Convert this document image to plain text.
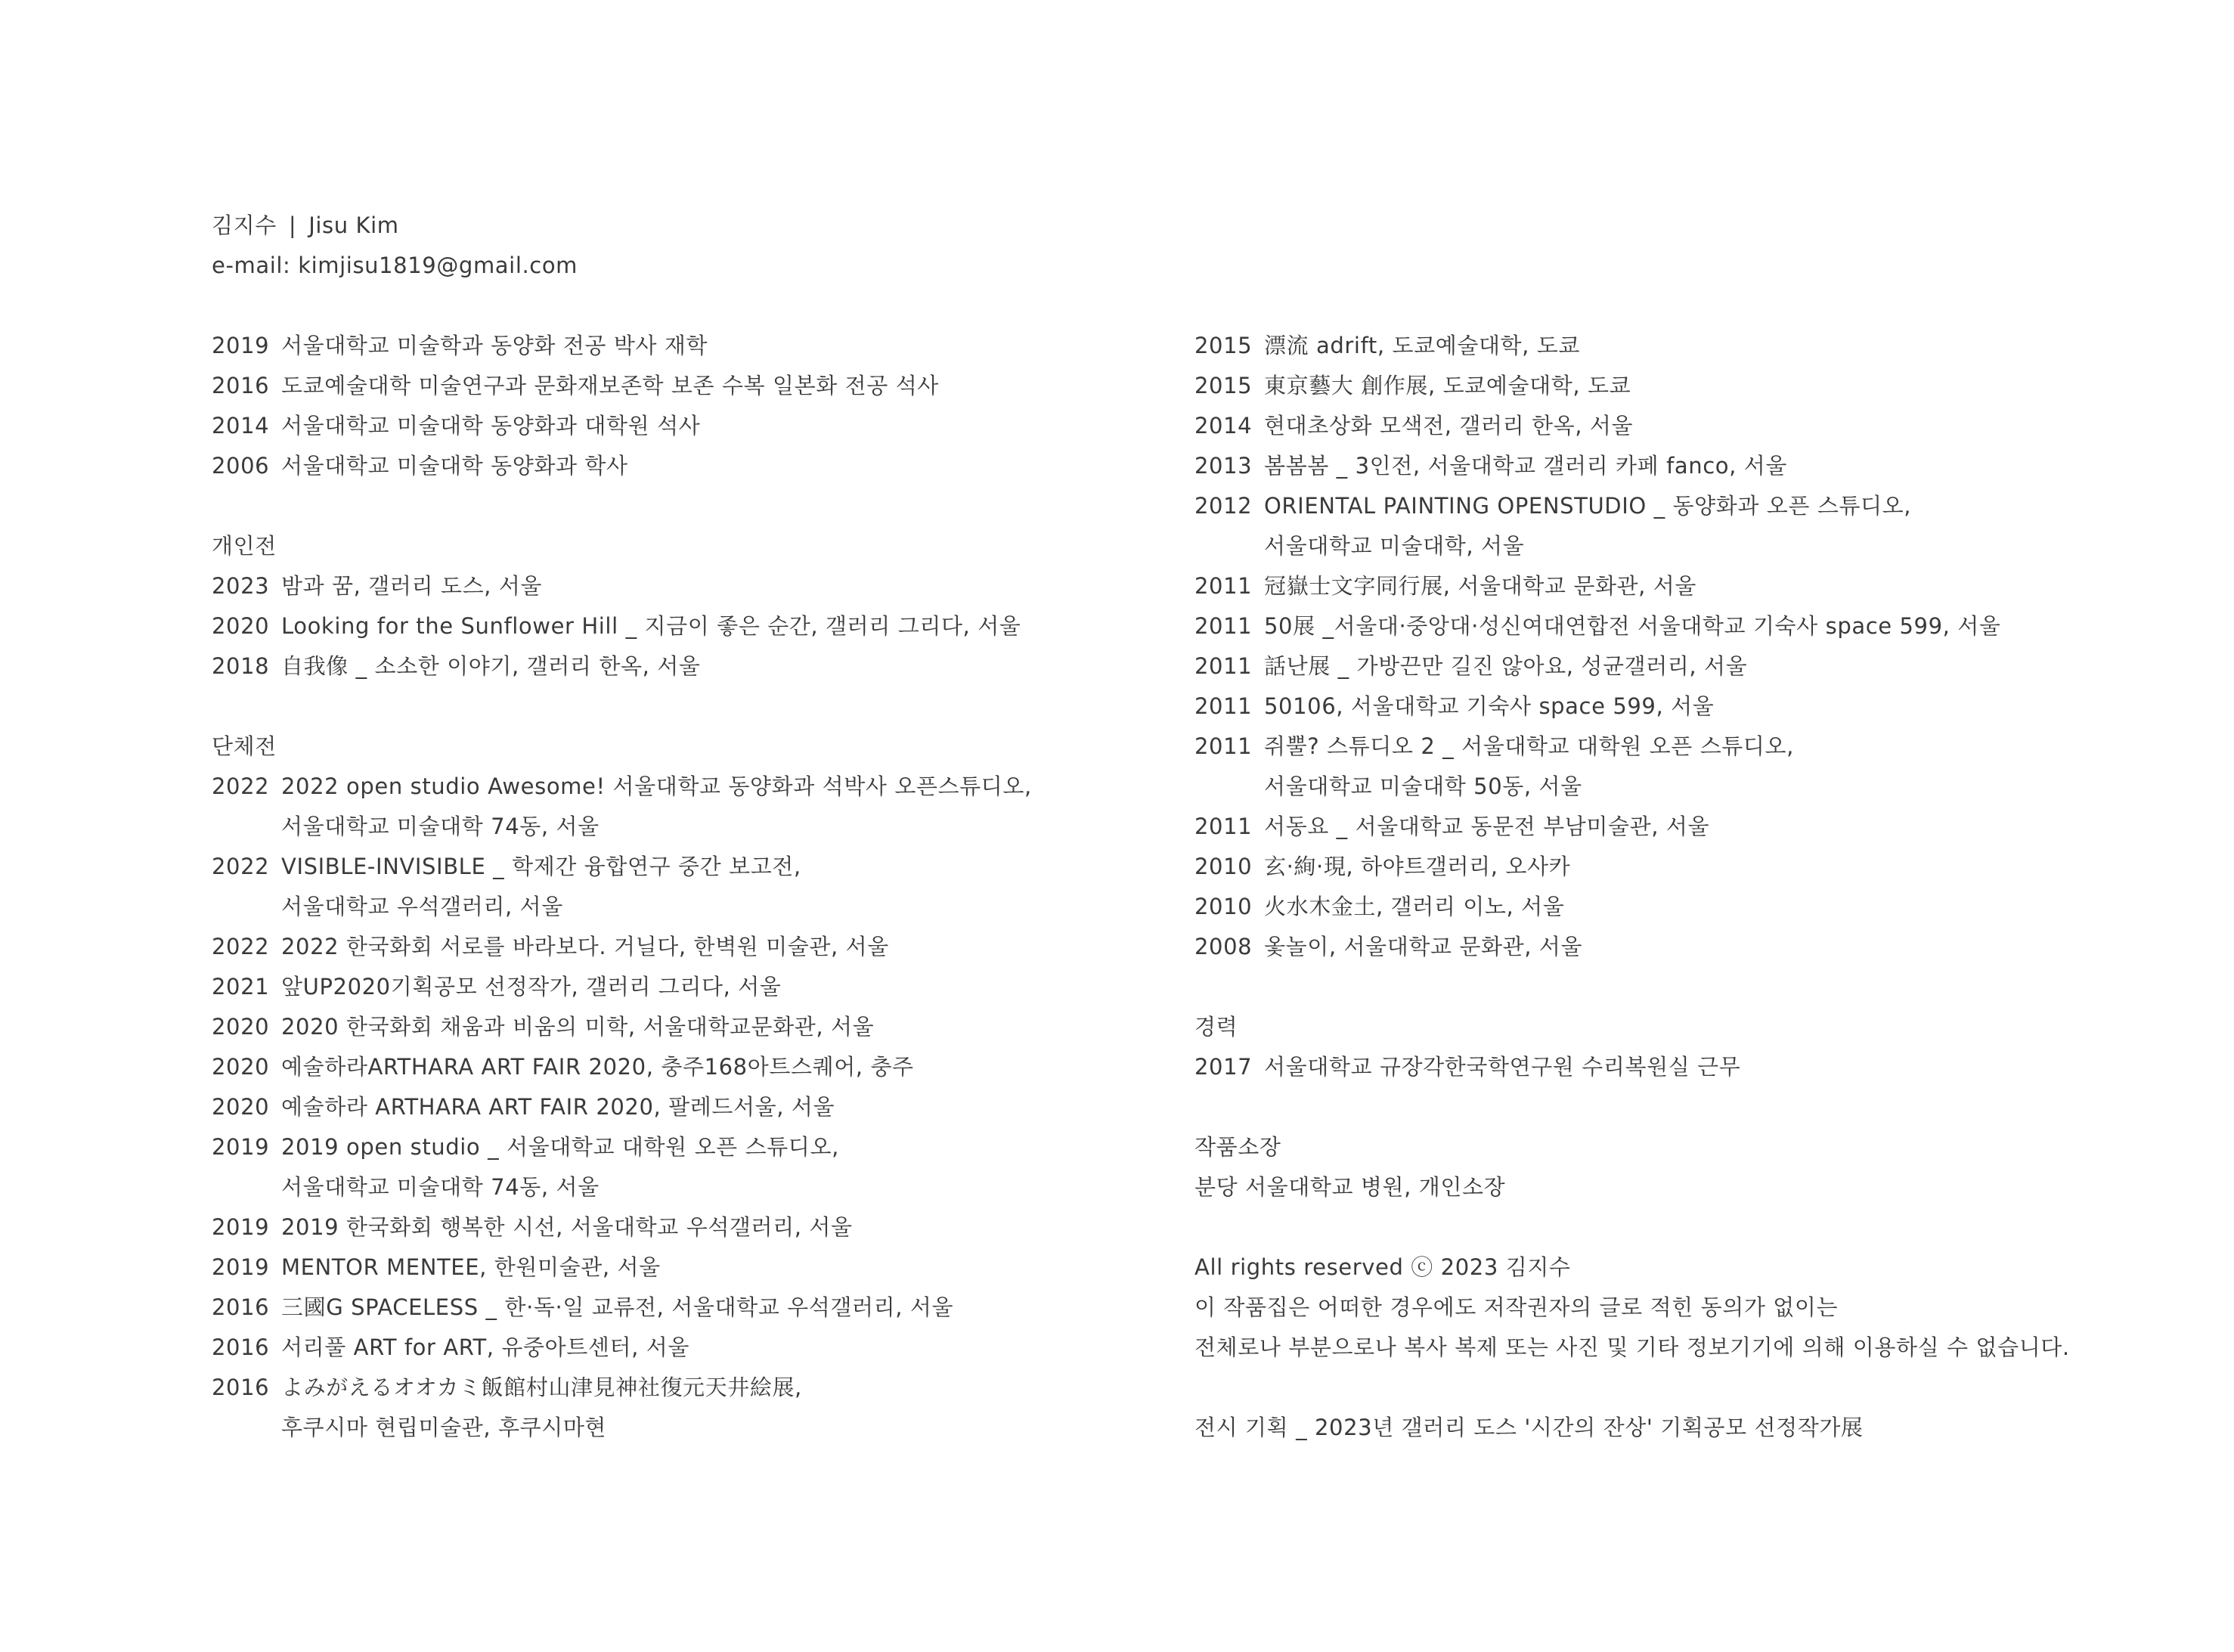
김지수 | Jisu Kim
e-mail: kimjisu1819@gmail.com
2019 서울대학교 미술학과 동양화 전공 박사 재학
2016 도쿄예술대학 미술연구과 문화재보존학 보존 수복 일본화 전공 석사
2014 서울대학교 미술대학 동양화과 대학원 석사
2006 서울대학교 미술대학 동양화과 학사
개인전
2023 밤과 꿈, 갤러리 도스, 서울
2020 Looking for the Sunflower Hill _ 지금이 좋은 순간, 갤러리 그리다, 서울
2018 自我像 _ 소소한 이야기, 갤러리 한옥, 서울
단체전
2022 2022 open studio Awesome! 서울대학교 동양화과 석박사 오픈스튜디오,
서울대학교 미술대학 74동, 서울
2022 VISIBLE-INVISIBLE _ 학제간 융합연구 중간 보고전,
서울대학교 우석갤러리, 서울
2022 2022 한국화회 서로를 바라보다. 거닐다, 한벽원 미술관, 서울
2021 앞UP2020기획공모 선정작가, 갤러리 그리다, 서울
2020 2020 한국화회 채움과 비움의 미학, 서울대학교문화관, 서울
2020 예술하라ARTHARA ART FAIR 2020, 충주168아트스퀘어, 충주
2020 예술하라 ARTHARA ART FAIR 2020, 팔레드서울, 서울
2019 2019 open studio _ 서울대학교 대학원 오픈 스튜디오,
서울대학교 미술대학 74동, 서울
2019 2019 한국화회 행복한 시선, 서울대학교 우석갤러리, 서울
2019 MENTOR MENTEE, 한원미술관, 서울
2016 三國G SPACELESS _ 한·독·일 교류전, 서울대학교 우석갤러리, 서울
2016 서리풀 ART for ART, 유중아트센터, 서울
2016 よみがえるオオカミ飯館村山津見神社復元天井絵展,
후쿠시마 현립미술관, 후쿠시마현
2015 漂流 adrift, 도쿄예술대학, 도쿄
2015 東京藝大 創作展, 도쿄예술대학, 도쿄
2014 현대초상화 모색전, 갤러리 한옥, 서울
2013 봄봄봄 _ 3인전, 서울대학교 갤러리 카페 fanco, 서울
2012 ORIENTAL PAINTING OPENSTUDIO _ 동양화과 오픈 스튜디오,
서울대학교 미술대학, 서울
2011 冠嶽士文字同行展, 서울대학교 문화관, 서울
2011 50展 _서울대·중앙대·성신여대연합전 서울대학교 기숙사 space 599, 서울
2011 話난展 _ 가방끈만 길진 않아요, 성균갤러리, 서울
2011 50106, 서울대학교 기숙사 space 599, 서울
2011 쥐뿔? 스튜디오 2 _ 서울대학교 대학원 오픈 스튜디오,
서울대학교 미술대학 50동, 서울
2011 서동요 _ 서울대학교 동문전 부남미술관, 서울
2010 玄·絢·現, 하야트갤러리, 오사카
2010 火水木金土, 갤러리 이노, 서울
2008 옻놀이, 서울대학교 문화관, 서울
경력
2017 서울대학교 규장각한국학연구원 수리복원실 근무
작품소장
분당 서울대학교 병원, 개인소장
All rights reserved ⓒ 2023 김지수
이 작품집은 어떠한 경우에도 저작권자의 글로 적힌 동의가 없이는
전체로나 부분으로나 복사 복제 또는 사진 및 기타 정보기기에 의해 이용하실 수 없습니다.
전시 기획 _ 2023년 갤러리 도스 '시간의 잔상' 기획공모 선정작가展
